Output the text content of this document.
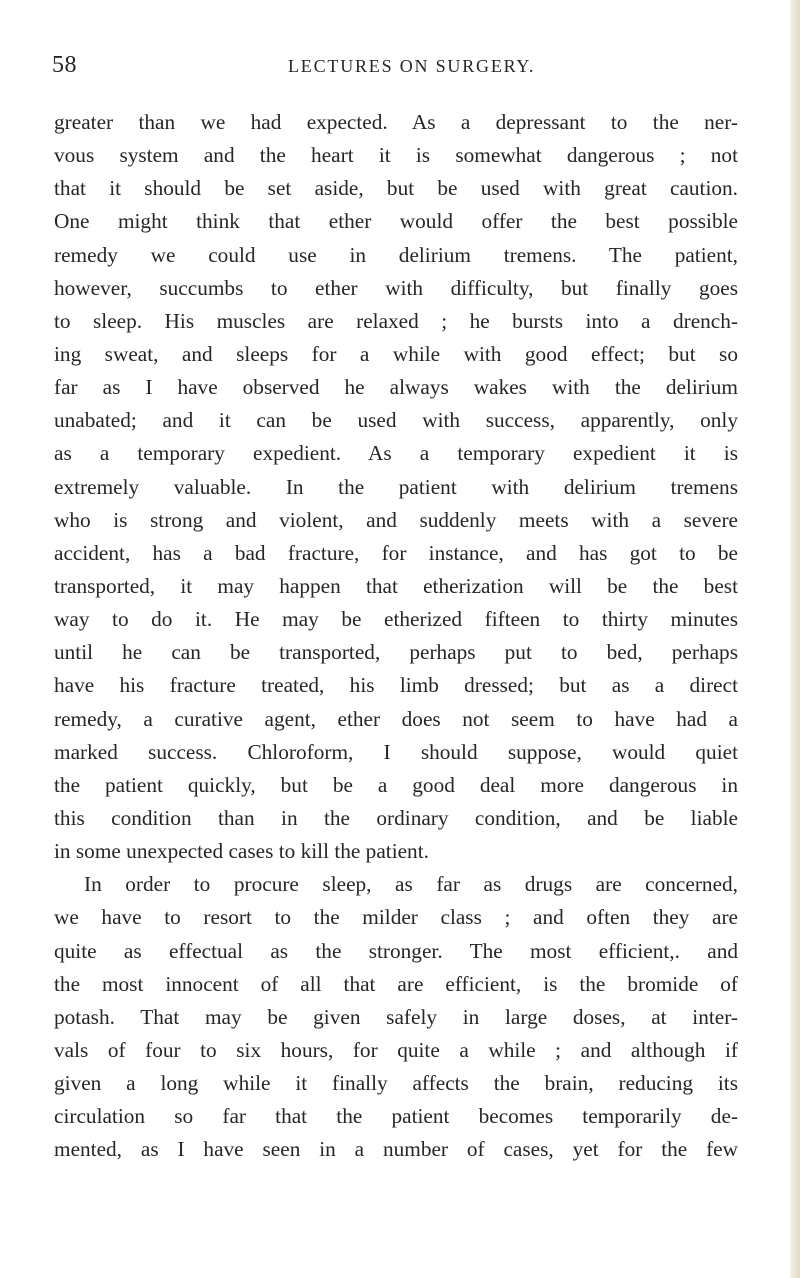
58	LECTURES ON SURGERY.
greater than we had expected. As a depressant to the ner-
vous system and the heart it is somewhat dangerous ; not
that it should be set aside, but be used with great caution.
One might think that ether would offer the best possible
remedy we could use in delirium tremens. The patient,
however, succumbs to ether with difficulty, but finally goes
to sleep. His muscles are relaxed ; he bursts into a drench-
ing sweat, and sleeps for a while with good effect; but so
far as I have observed he always wakes with the delirium
unabated; and it can be used with success, apparently, only
as a temporary expedient. As a temporary expedient it is
extremely valuable. In the patient with delirium tremens
who is strong and violent, and suddenly meets with a severe
accident, has a bad fracture, for instance, and has got to be
transported, it may happen that etherization will be the best
way to do it. He may be etherized fifteen to thirty minutes
until he can be transported, perhaps put to bed, perhaps
have his fracture treated, his limb dressed; but as a direct
remedy, a curative agent, ether does not seem to have had a
marked success. Chloroform, I should suppose, would quiet
the patient quickly, but be a good deal more dangerous in
this condition than in the ordinary condition, and be liable
in some unexpected cases to kill the patient.
In order to procure sleep, as far as drugs are concerned,
we have to resort to the milder class ; and often they are
quite as effectual as the stronger. The most efficient,. and
the most innocent of all that are efficient, is the bromide of
potash. That may be given safely in large doses, at inter-
vals of four to six hours, for quite a while ; and although if
given a long while it finally affects the brain, reducing its
circulation so far that the patient becomes temporarily de-
mented, as I have seen in a number of cases, yet for the few
